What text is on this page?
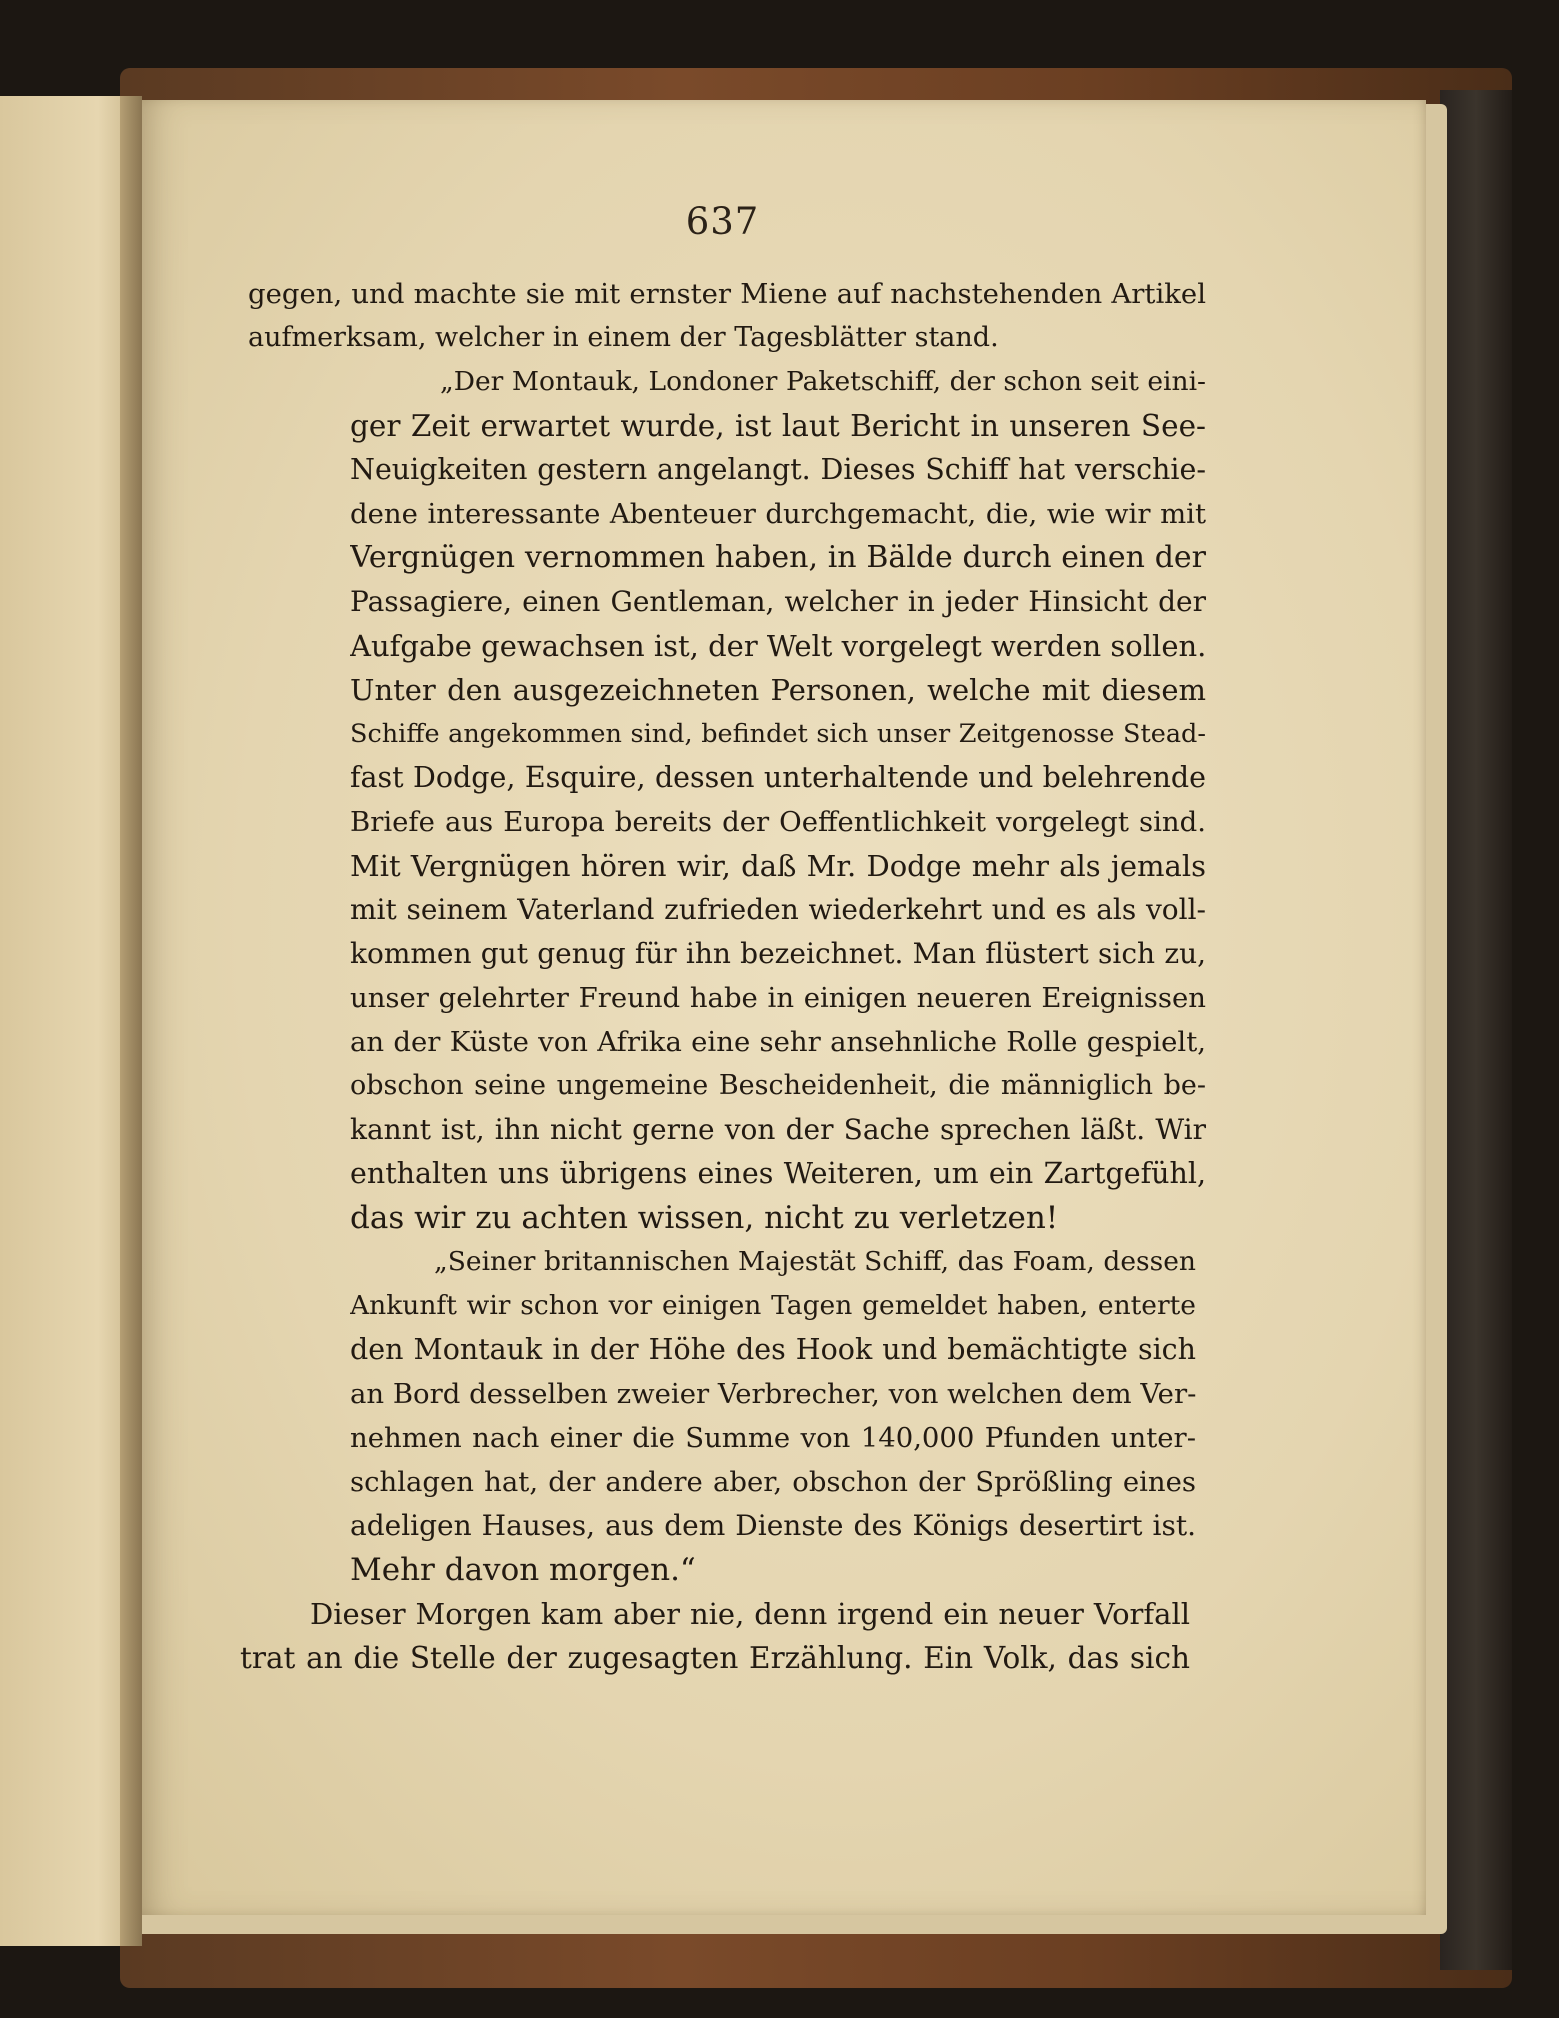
637
gegen, und machte sie mit ernster Miene auf nachstehenden Artikel
aufmerksam, welcher in einem der Tagesblätter stand.
„Der Montauk, Londoner Paketschiff, der schon seit eini-
ger Zeit erwartet wurde, ist laut Bericht in unseren See-
Neuigkeiten gestern angelangt. Dieses Schiff hat verschie-
dene interessante Abenteuer durchgemacht, die, wie wir mit
Vergnügen vernommen haben, in Bälde durch einen der
Passagiere, einen Gentleman, welcher in jeder Hinsicht der
Aufgabe gewachsen ist, der Welt vorgelegt werden sollen.
Unter den ausgezeichneten Personen, welche mit diesem
Schiffe angekommen sind, befindet sich unser Zeitgenosse Stead-
fast Dodge, Esquire, dessen unterhaltende und belehrende
Briefe aus Europa bereits der Oeffentlichkeit vorgelegt sind.
Mit Vergnügen hören wir, daß Mr. Dodge mehr als jemals
mit seinem Vaterland zufrieden wiederkehrt und es als voll-
kommen gut genug für ihn bezeichnet. Man flüstert sich zu,
unser gelehrter Freund habe in einigen neueren Ereignissen
an der Küste von Afrika eine sehr ansehnliche Rolle gespielt,
obschon seine ungemeine Bescheidenheit, die männiglich be-
kannt ist, ihn nicht gerne von der Sache sprechen läßt. Wir
enthalten uns übrigens eines Weiteren, um ein Zartgefühl,
das wir zu achten wissen, nicht zu verletzen!
„Seiner britannischen Majestät Schiff, das Foam, dessen
Ankunft wir schon vor einigen Tagen gemeldet haben, enterte
den Montauk in der Höhe des Hook und bemächtigte sich
an Bord desselben zweier Verbrecher, von welchen dem Ver-
nehmen nach einer die Summe von 140,000 Pfunden unter-
schlagen hat, der andere aber, obschon der Sprößling eines
adeligen Hauses, aus dem Dienste des Königs desertirt ist.
Mehr davon morgen.“
Dieser Morgen kam aber nie, denn irgend ein neuer Vorfall
trat an die Stelle der zugesagten Erzählung. Ein Volk, das sich
